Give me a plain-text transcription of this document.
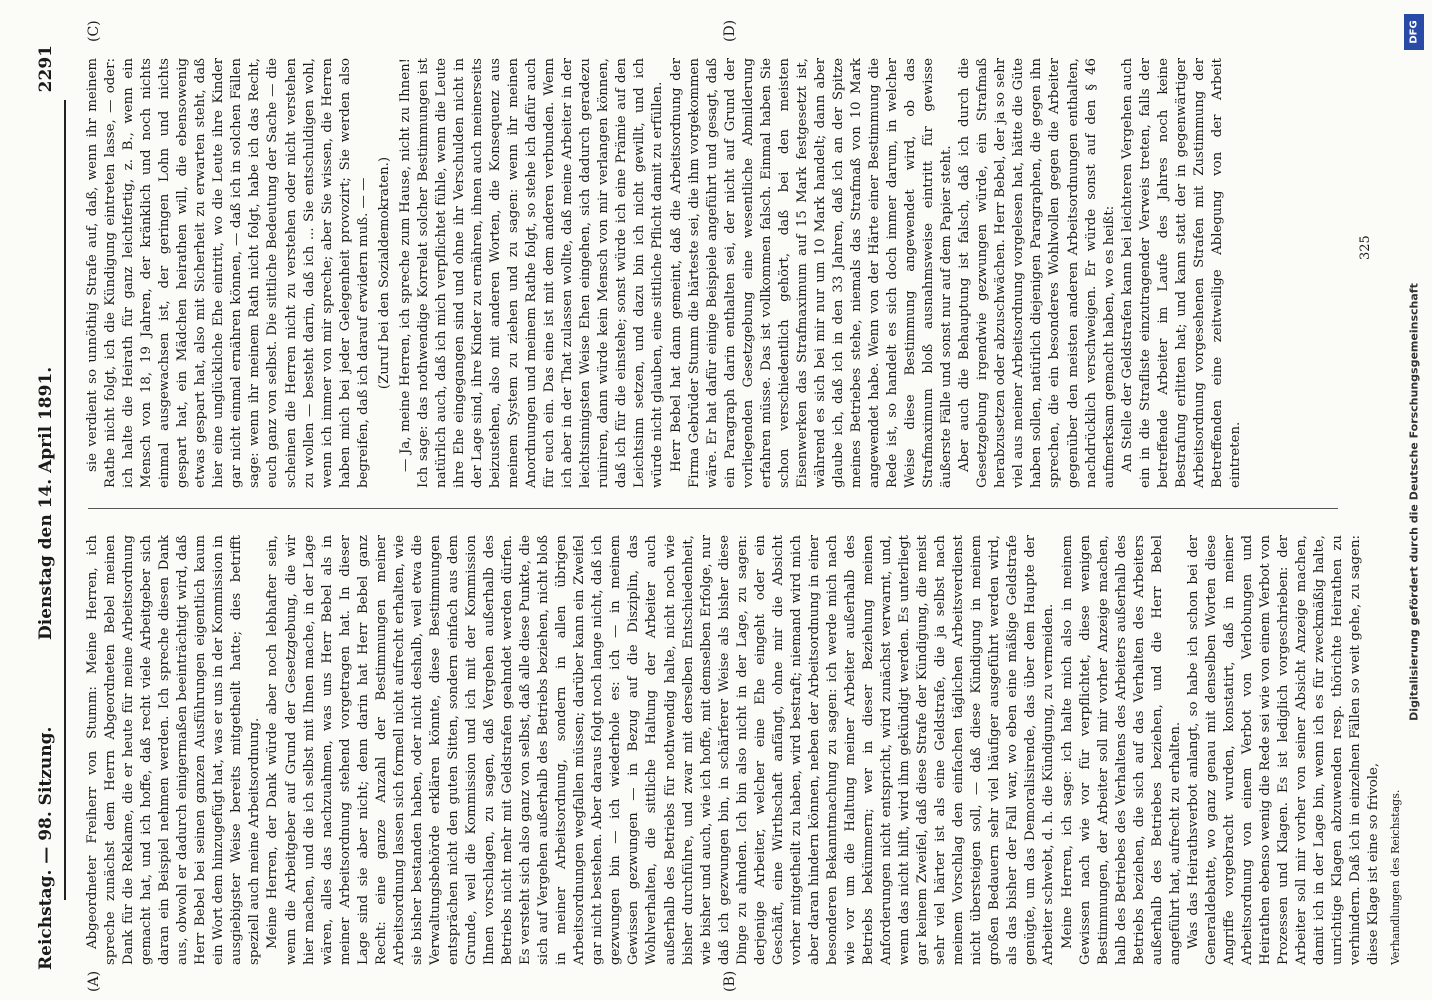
Reichstag. — 98. Sitzung.
Dienstag den 14. April 1891.
2291
(A)	(B)
(C)	(D)

Abgeordneter Freiherr von Stumm: Meine Herren, ich spreche zunächst dem Herrn Abgeordneten Bebel meinen Dank für die Reklame, die er heute für meine Arbeitsordnung gemacht hat, und ich hoffe, daß recht viele Arbeitgeber sich daran ein Beispiel nehmen werden. Ich spreche diesen Dank aus, obwohl er dadurch einigermaßen beeinträchtigt wird, daß Herr Bebel bei seinen ganzen Ausführungen eigentlich kaum ein Wort dem hinzugefügt hat, was er uns in der Kommission in ausgiebigster Weise bereits mitgetheilt hatte; dies betrifft speziell auch meine Arbeitsordnung. Meine Herren, der Dank würde aber noch lebhafter sein, wenn die Arbeitgeber auf Grund der Gesetzgebung, die wir hier machen, und die ich selbst mit Ihnen mache, in der Lage wären, alles das nachzuahmen, was uns Herr Bebel als in meiner Arbeitsordnung stehend vorgetragen hat. In dieser Lage sind sie aber nicht; denn darin hat Herr Bebel ganz Recht: eine ganze Anzahl der Bestimmungen meiner Arbeitsordnung lassen sich formell nicht aufrecht erhalten, wie sie bisher bestanden haben, oder nicht deshalb, weil etwa die Verwaltungsbehörde erklären könnte, diese Bestimmungen entsprächen nicht den guten Sitten, sondern einfach aus dem Grunde, weil die Kommission und ich mit der Kommission Ihnen vorschlagen, zu sagen, daß Vergehen außerhalb des Betriebs nicht mehr mit Geldstrafen geahndet werden dürfen. Es versteht sich also ganz von selbst, daß alle diese Punkte, die sich auf Vergehen außerhalb des Betriebs beziehen, nicht bloß in meiner Arbeitsordnung, sondern in allen übrigen Arbeitsordnungen wegfallen müssen; darüber kann ein Zweifel gar nicht bestehen. Aber daraus folgt noch lange nicht, daß ich gezwungen bin — ich wiederhole es: ich — in meinem Gewissen gezwungen — in Bezug auf die Disziplin, das Wohlverhalten, die sittliche Haltung der Arbeiter auch außerhalb des Betriebs für nothwendig halte, nicht noch wie bisher durchführe, und zwar mit derselben Entschiedenheit, wie bisher und auch, wie ich hoffe, mit demselben Erfolge, nur daß ich gezwungen bin, in schärferer Weise als bisher diese Dinge zu ahnden. Ich bin also nicht in der Lage, zu sagen: derjenige Arbeiter, welcher eine Ehe eingeht oder ein Geschäft, eine Wirthschaft anfängt, ohne mir die Absicht vorher mitgetheilt zu haben, wird bestraft; niemand wird mich aber daran hindern können, neben der Arbeitsordnung in einer besonderen Bekanntmachung zu sagen: ich werde mich nach wie vor um die Haltung meiner Arbeiter außerhalb des Betriebs bekümmern; wer in dieser Beziehung meinen Anforderungen nicht entspricht, wird zunächst verwarnt, und, wenn das nicht hilft, wird ihm gekündigt werden. Es unterliegt gar keinem Zweifel, daß diese Strafe der Kündigung, die meist sehr viel härter ist als eine Geldstrafe, die ja selbst nach meinem Vorschlag den einfachen täglichen Arbeitsverdienst nicht übersteigen soll, — daß diese Kündigung in meinem großen Bedauern sehr viel häufiger ausgeführt werden wird, als das bisher der Fall war, wo eben eine mäßige Geldstrafe genügte, um das Demoralisirende, das über dem Haupte der Arbeiter schwebt, d. h. die Kündigung, zu vermeiden. Meine Herren, ich sage: ich halte mich also in meinem Gewissen nach wie vor für verpflichtet, diese wenigen Bestimmungen, der Arbeiter soll mir vorher Anzeige machen, halb des Betriebes des Verhaltens des Arbeiters außerhalb des Betriebs beziehen, die sich auf das Verhalten des Arbeiters außerhalb des Betriebes beziehen, und die Herr Bebel angeführt hat, aufrecht zu erhalten. Was das Heirathsverbot anlangt, so habe ich schon bei der Generaldebatte, wo ganz genau mit denselben Worten diese Angriffe vorgebracht wurden, konstatirt, daß in meiner Arbeitsordnung von einem Verbot von Verlobungen und Heirathen ebenso wenig die Rede sei wie von einem Verbot von Prozessen und Klagen. Es ist lediglich vorgeschrieben: der Arbeiter soll mir vorher von seiner Absicht Anzeige machen, damit ich in der Lage bin, wenn ich es für zweckmäßig halte, unrichtige Klagen abzuwenden resp. thörichte Heirathen zu verhindern. Daß ich in einzelnen Fällen so weit gehe, zu sagen: diese Klage ist eine so frivole, Verhandlungen des Reichstags.

sie verdient so unnöthig Strafe auf, daß, wenn ihr meinem Rathe nicht folgt, ich die Kündigung eintreten lasse, — oder: ich halte die Heirath für ganz leichtfertig, z. B., wenn ein Mensch von 18, 19 Jahren, der kränklich und noch nichts einmal ausgewachsen ist, der geringen Lohn und nichts gespart hat, ein Mädchen heirathen will, die ebensowenig etwas gespart hat, also mit Sicherheit zu erwarten steht, daß hier eine unglückliche Ehe eintritt, wo die Leute ihre Kinder gar nicht einmal ernähren können, — daß ich in solchen Fällen sage: wenn ihr meinem Rath nicht folgt, habe ich das Recht, euch ganz von selbst. Die sittliche Bedeutung der Sache — die scheinen die Herren nicht zu verstehen oder nicht verstehen zu wollen — besteht darin, daß ich ... Sie entschuldigen wohl, wenn ich immer von mir spreche; aber Sie wissen, die Herren haben mich bei jeder Gelegenheit provozirt; Sie werden also begreifen, daß ich darauf erwidern muß. — — (Zuruf bei den Sozialdemokraten.) — Ja, meine Herren, ich spreche zum Hause, nicht zu Ihnen! Ich sage: das nothwendige Korrelat solcher Bestimmungen ist natürlich auch, daß ich mich verpflichtet fühle, wenn die Leute ihre Ehe eingegangen sind und ohne ihr Verschulden nicht in der Lage sind, ihre Kinder zu ernähren, ihnen auch meinerseits beizustehen, also mit anderen Worten, die Konsequenz aus meinem System zu ziehen und zu sagen: wenn ihr meinen Anordnungen und meinem Rathe folgt, so stehe ich dafür auch für euch ein. Das eine ist mit dem anderen verbunden. Wenn ich aber in der That zulassen wollte, daß meine Arbeiter in der leichtsinnigsten Weise Ehen eingehen, sich dadurch geradezu ruiniren, dann würde kein Mensch von mir verlangen können, daß ich für die einstehe; sonst würde ich eine Prämie auf den Leichtsinn setzen, und dazu bin ich nicht gewillt, und ich würde nicht glauben, eine sittliche Pflicht damit zu erfüllen. Herr Bebel hat dann gemeint, daß die Arbeitsordnung der Firma Gebrüder Stumm die härteste sei, die ihm vorgekommen wäre. Er hat dafür einige Beispiele angeführt und gesagt, daß ein Paragraph darin enthalten sei, der nicht auf Grund der vorliegenden Gesetzgebung eine wesentliche Abmilderung erfahren müsse. Das ist vollkommen falsch. Einmal haben Sie schon verschiedentlich gehört, daß bei den meisten Eisenwerken das Strafmaximum auf 15 Mark festgesetzt ist, während es sich bei mir nur um 10 Mark handelt; dann aber glaube ich, daß ich in den 33 Jahren, daß ich an der Spitze meines Betriebes stehe, niemals das Strafmaß von 10 Mark angewendet habe. Wenn von der Härte einer Bestimmung die Rede ist, so handelt es sich doch immer darum, in welcher Weise diese Bestimmung angewendet wird, ob das Strafmaximum bloß ausnahmsweise eintritt für gewisse äußerste Fälle und sonst nur auf dem Papier steht. Aber auch die Behauptung ist falsch, daß ich durch die Gesetzgebung irgendwie gezwungen würde, ein Strafmaß herabzusetzen oder abzuschwächen. Herr Bebel, der ja so sehr viel aus meiner Arbeitsordnung vorgelesen hat, hätte die Güte haben sollen, natürlich diejenigen Paragraphen, die gegen ihn sprechen, die ein besonderes Wohlwollen gegen die Arbeiter gegenüber den meisten anderen Arbeitsordnungen enthalten, nachdrücklich verschweigen. Er würde sonst auf den § 46 aufmerksam gemacht haben, wo es heißt: An Stelle der Geldstrafen kann bei leichteren Vergehen auch ein in die Strafliste einzutragender Verweis treten, falls der betreffende Arbeiter im Laufe des Jahres noch keine Bestrafung erlitten hat; und kann statt der in gegenwärtiger Arbeitsordnung vorgesehenen Strafen mit Zustimmung der Betreffenden eine zeitweilige Ablegung von der Arbeit eintreten.

325
Digitalisierung gefördert durch die Deutsche Forschungsgemeinschaft
DFG
